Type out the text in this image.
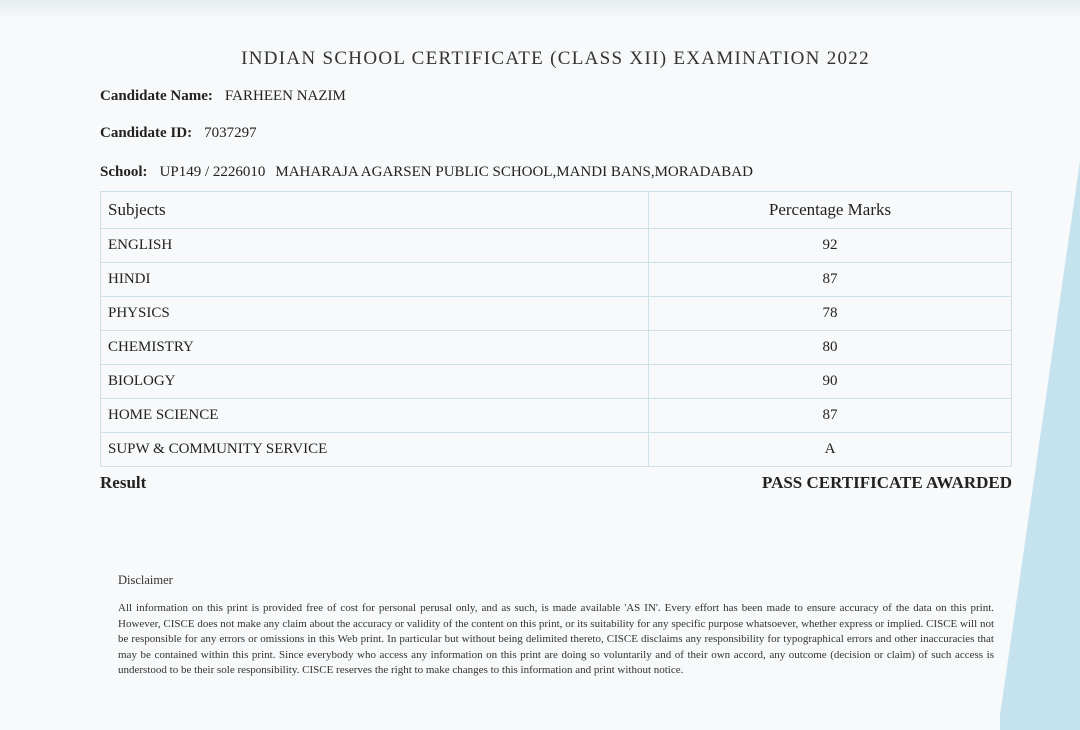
INDIAN SCHOOL CERTIFICATE (CLASS XII) EXAMINATION 2022
Candidate Name: FARHEEN NAZIM
Candidate ID: 7037297
School: UP149 / 2226010 MAHARAJA AGARSEN PUBLIC SCHOOL,MANDI BANS,MORADABAD
Subjects	Percentage Marks
ENGLISH	92
HINDI	87
PHYSICS	78
CHEMISTRY	80
BIOLOGY	90
HOME SCIENCE	87
SUPW & COMMUNITY SERVICE	A
Result	PASS CERTIFICATE AWARDED
Disclaimer
All information on this print is provided free of cost for personal perusal only, and as such, is made available 'AS IN'. Every effort has been made to ensure accuracy of the data on this print. However, CISCE does not make any claim about the accuracy or validity of the content on this print, or its suitability for any specific purpose whatsoever, whether express or implied. CISCE will not be responsible for any errors or omissions in this Web print. In particular but without being delimited thereto, CISCE disclaims any responsibility for typographical errors and other inaccuracies that may be contained within this print. Since everybody who access any information on this print are doing so voluntarily and of their own accord, any outcome (decision or claim) of such access is understood to be their sole responsibility. CISCE reserves the right to make changes to this information and print without notice.
